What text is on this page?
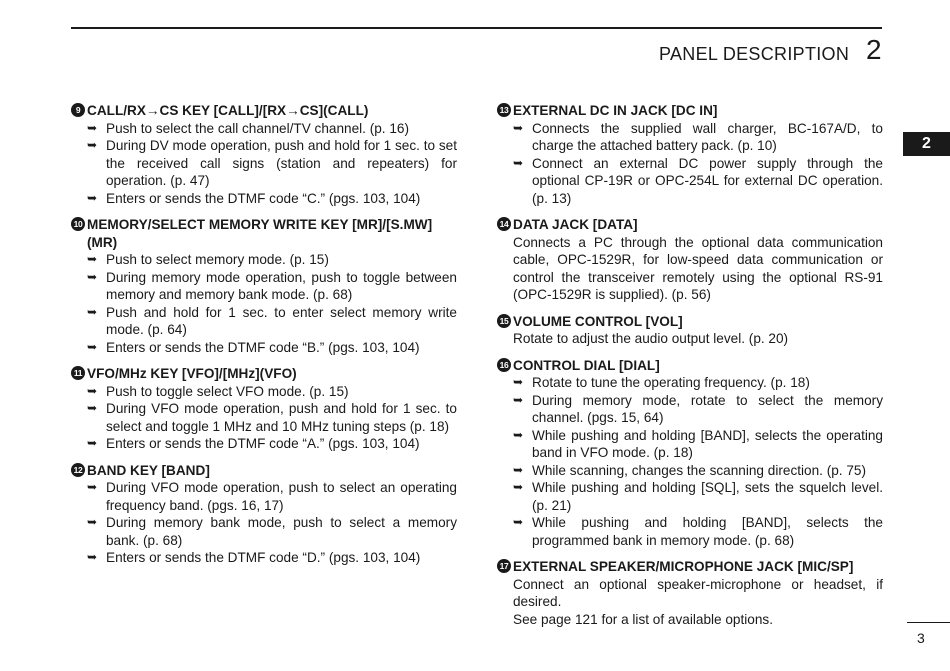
PANEL DESCRIPTION 2
2
3
9 CALL/RX→CS KEY [CALL]/[RX→CS](CALL)
➥ Push to select the call channel/TV channel. (p. 16)
➥ During DV mode operation, push and hold for 1 sec. to set the received call signs (station and repeaters) for operation. (p. 47)
➥ Enters or sends the DTMF code “C.” (pgs. 103, 104)
10 MEMORY/SELECT MEMORY WRITE KEY [MR]/[S.MW](MR)
➥ Push to select memory mode. (p. 15)
➥ During memory mode operation, push to toggle between memory and memory bank mode. (p. 68)
➥ Push and hold for 1 sec. to enter select memory write mode. (p. 64)
➥ Enters or sends the DTMF code “B.” (pgs. 103, 104)
11 VFO/MHz KEY [VFO]/[MHz](VFO)
➥ Push to toggle select VFO mode. (p. 15)
➥ During VFO mode operation, push and hold for 1 sec. to select and toggle 1 MHz and 10 MHz tuning steps (p. 18)
➥ Enters or sends the DTMF code “A.” (pgs. 103, 104)
12 BAND KEY [BAND]
➥ During VFO mode operation, push to select an operating frequency band. (pgs. 16, 17)
➥ During memory bank mode, push to select a memory bank. (p. 68)
➥ Enters or sends the DTMF code “D.” (pgs. 103, 104)
13 EXTERNAL DC IN JACK [DC IN]
➥ Connects the supplied wall charger, BC-167A/D, to charge the attached battery pack. (p. 10)
➥ Connect an external DC power supply through the optional CP-19R or OPC-254L for external DC operation. (p. 13)
14 DATA JACK [DATA]
Connects a PC through the optional data communication cable, OPC-1529R, for low-speed data communication or control the transceiver remotely using the optional RS-91 (OPC-1529R is supplied). (p. 56)
15 VOLUME CONTROL [VOL]
Rotate to adjust the audio output level. (p. 20)
16 CONTROL DIAL [DIAL]
➥ Rotate to tune the operating frequency. (p. 18)
➥ During memory mode, rotate to select the memory channel. (pgs. 15, 64)
➥ While pushing and holding [BAND], selects the operating band in VFO mode. (p. 18)
➥ While scanning, changes the scanning direction. (p. 75)
➥ While pushing and holding [SQL], sets the squelch level. (p. 21)
➥ While pushing and holding [BAND], selects the programmed bank in memory mode. (p. 68)
17 EXTERNAL SPEAKER/MICROPHONE JACK [MIC/SP]
Connect an optional speaker-microphone or headset, if desired.
See page 121 for a list of available options.
